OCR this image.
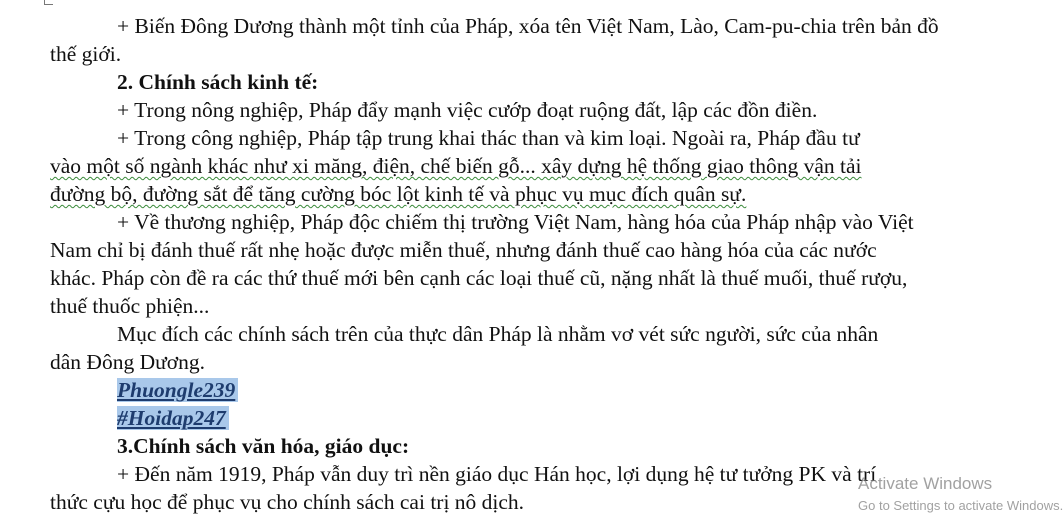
+ Biến Đông Dương thành một tỉnh của Pháp, xóa tên Việt Nam, Lào, Cam-pu-chia trên bản đồ
thế giới.
2. Chính sách kinh tế:
+ Trong nông nghiệp, Pháp đẩy mạnh việc cướp đoạt ruộng đất, lập các đồn điền.
+ Trong công nghiệp, Pháp tập trung khai thác than và kim loại. Ngoài ra, Pháp đầu tư
vào một số ngành khác như xi măng, điện, chế biến gỗ... xây dựng hệ thống giao thông vận tải
đường bộ, đường sắt để tăng cường bóc lột kinh tế và phục vụ mục đích quân sự.
+ Về thương nghiệp, Pháp độc chiếm thị trường Việt Nam, hàng hóa của Pháp nhập vào Việt
Nam chỉ bị đánh thuế rất nhẹ hoặc được miễn thuế, nhưng đánh thuế cao hàng hóa của các nước
khác. Pháp còn đề ra các thứ thuế mới bên cạnh các loại thuế cũ, nặng nhất là thuế muối, thuế rượu,
thuế thuốc phiện...
Mục đích các chính sách trên của thực dân Pháp là nhằm vơ vét sức người, sức của nhân
dân Đông Dương.
Phuongle239
#Hoidap247
3.Chính sách văn hóa, giáo dục:
+ Đến năm 1919, Pháp vẫn duy trì nền giáo dục Hán học, lợi dụng hệ tư tưởng PK và trí
thức cựu học để phục vụ cho chính sách cai trị nô dịch.
Activate Windows
Go to Settings to activate Windows.
